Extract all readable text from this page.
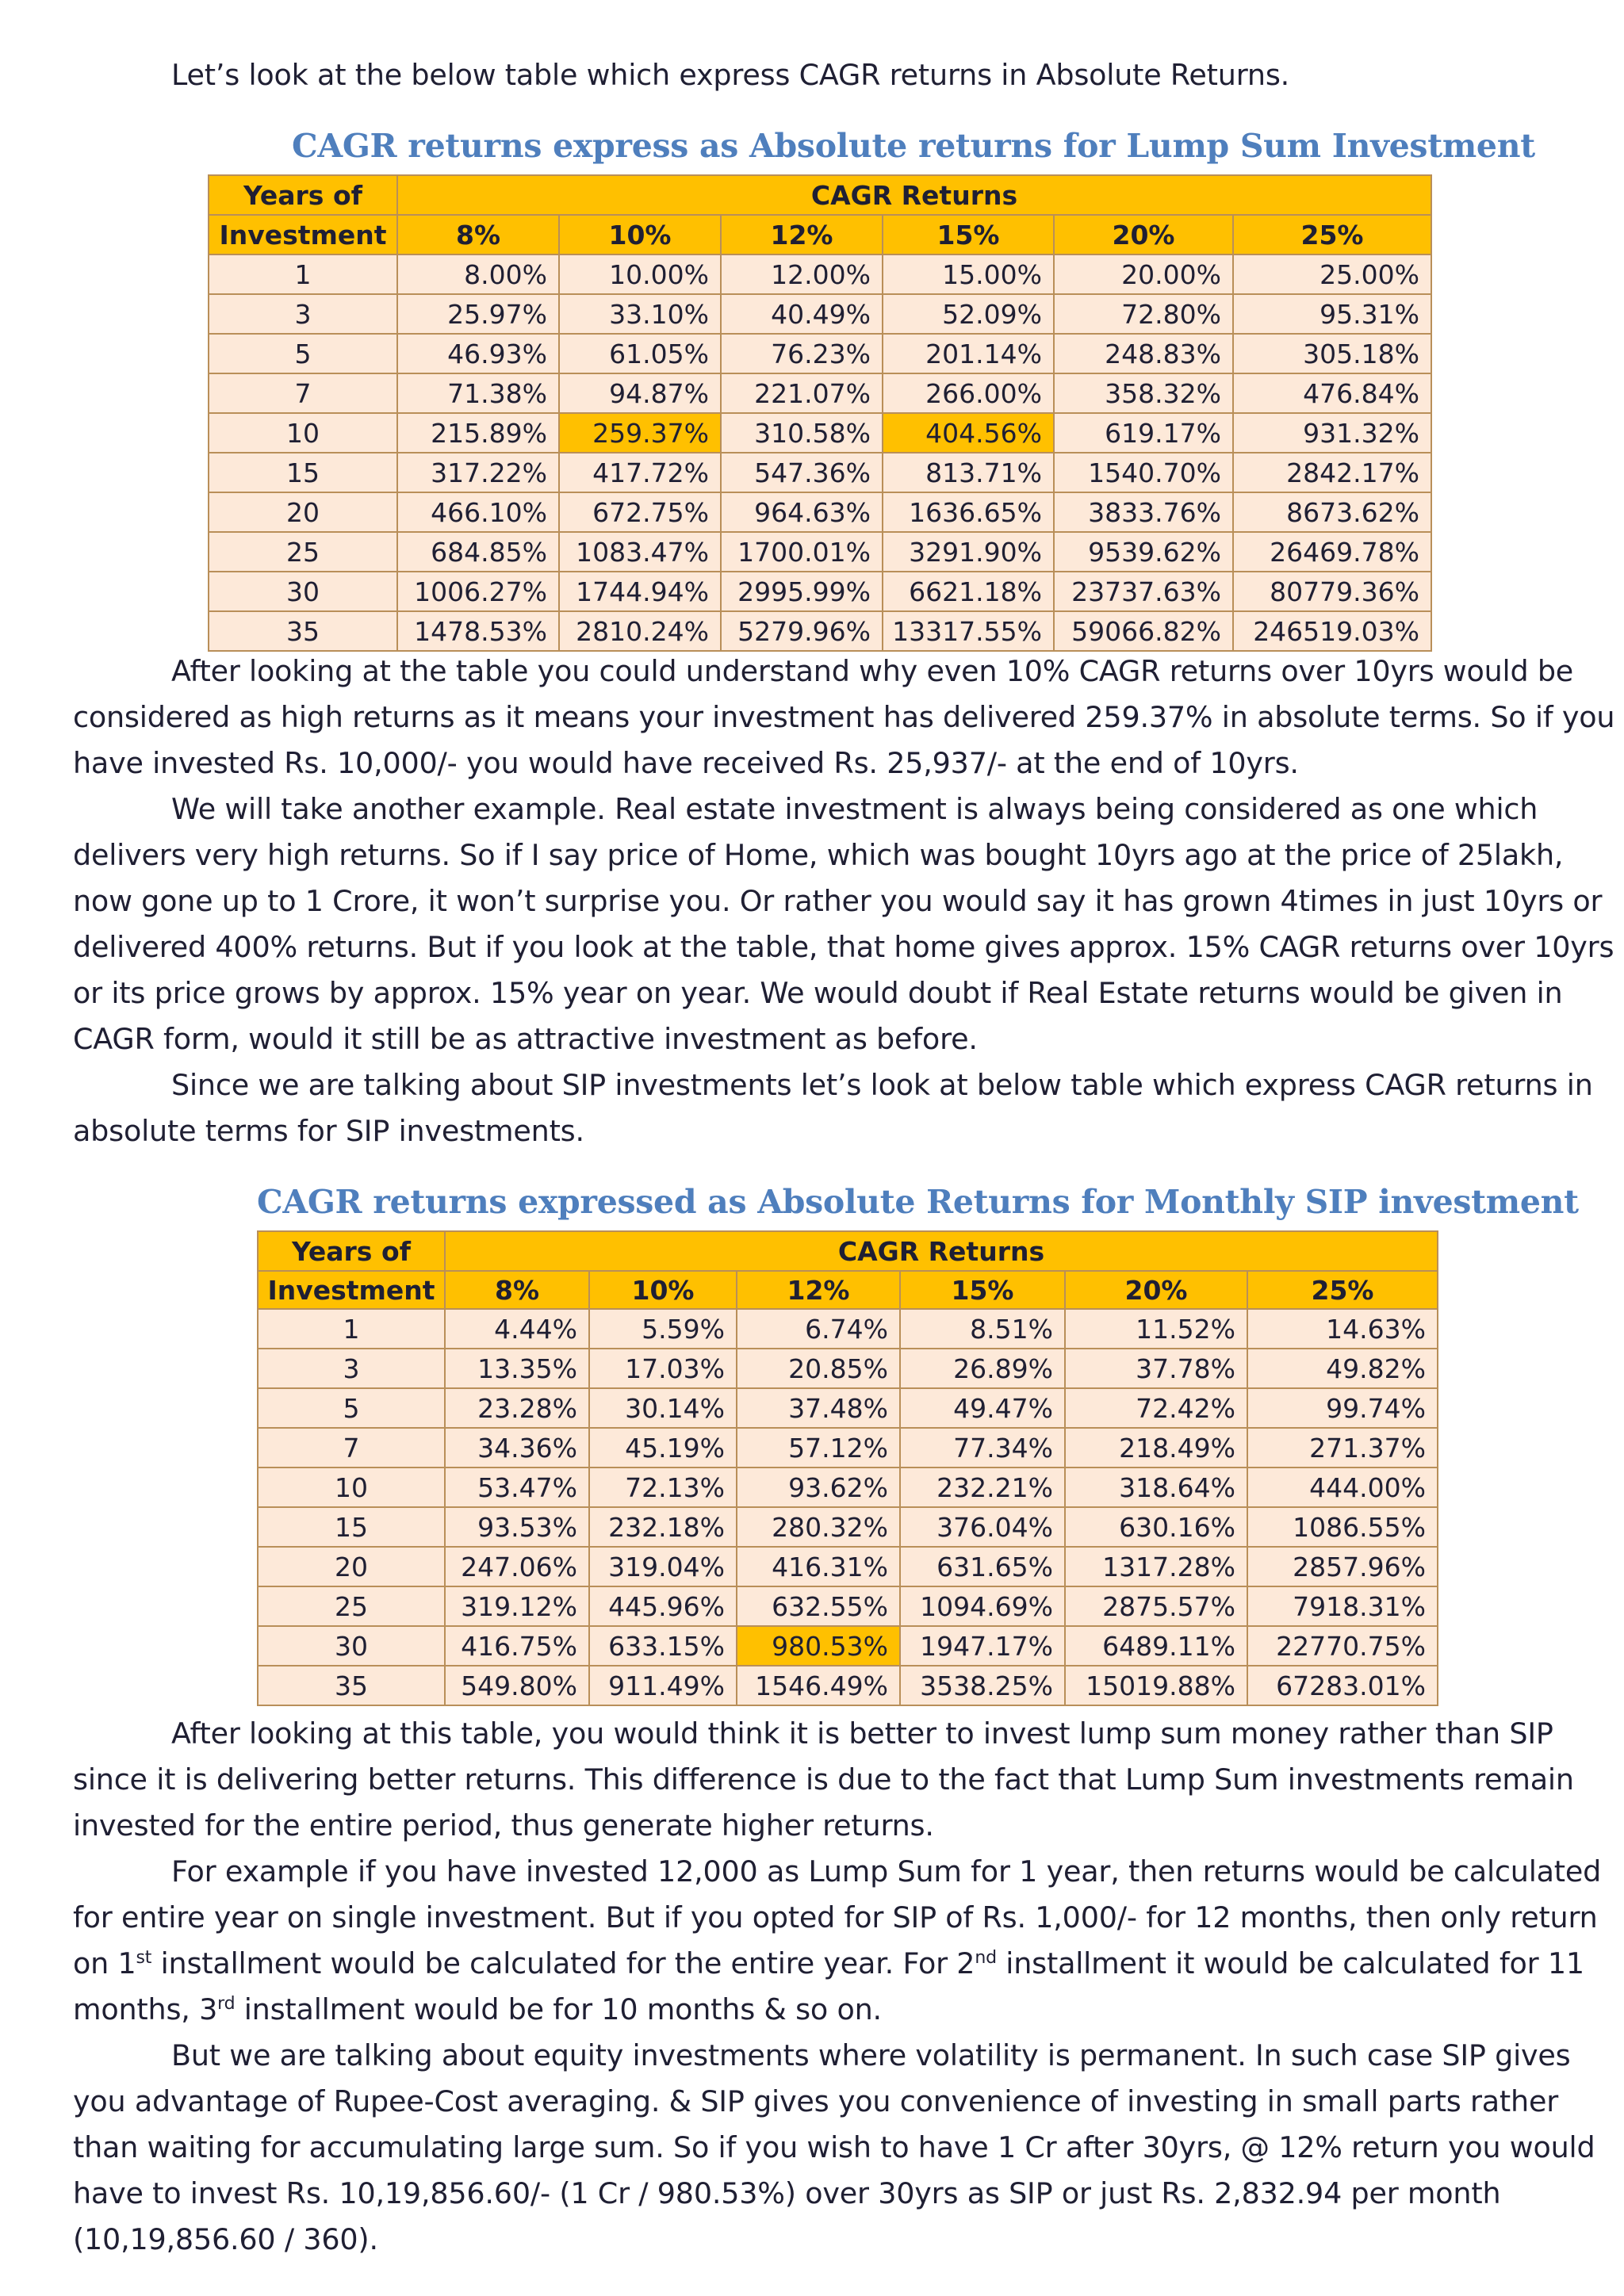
Let’s look at the below table which express CAGR returns in Absolute Returns.

CAGR returns express as Absolute returns for Lump Sum Investment
Years of	CAGR Returns					
Investment	8%	10%	12%	15%	20%	25%
1	8.00%	10.00%	12.00%	15.00%	20.00%	25.00%
3	25.97%	33.10%	40.49%	52.09%	72.80%	95.31%
5	46.93%	61.05%	76.23%	201.14%	248.83%	305.18%
7	71.38%	94.87%	221.07%	266.00%	358.32%	476.84%
10	215.89%	259.37%	310.58%	404.56%	619.17%	931.32%
15	317.22%	417.72%	547.36%	813.71%	1540.70%	2842.17%
20	466.10%	672.75%	964.63%	1636.65%	3833.76%	8673.62%
25	684.85%	1083.47%	1700.01%	3291.90%	9539.62%	26469.78%
30	1006.27%	1744.94%	2995.99%	6621.18%	23737.63%	80779.36%
35	1478.53%	2810.24%	5279.96%	13317.55%	59066.82%	246519.03%

After looking at the table you could understand why even 10% CAGR returns over 10yrs would be considered as high returns as it means your investment has delivered 259.37% in absolute terms. So if you have invested Rs. 10,000/- you would have received Rs. 25,937/- at the end of 10yrs.

We will take another example. Real estate investment is always being considered as one which delivers very high returns. So if I say price of Home, which was bought 10yrs ago at the price of 25lakh, now gone up to 1 Crore, it won’t surprise you. Or rather you would say it has grown 4times in just 10yrs or delivered 400% returns. But if you look at the table, that home gives approx. 15% CAGR returns over 10yrs or its price grows by approx. 15% year on year. We would doubt if Real Estate returns would be given in CAGR form, would it still be as attractive investment as before.

Since we are talking about SIP investments let’s look at below table which express CAGR returns in absolute terms for SIP investments.

CAGR returns expressed as Absolute Returns for Monthly SIP investment
Years of	CAGR Returns					
Investment	8%	10%	12%	15%	20%	25%
1	4.44%	5.59%	6.74%	8.51%	11.52%	14.63%
3	13.35%	17.03%	20.85%	26.89%	37.78%	49.82%
5	23.28%	30.14%	37.48%	49.47%	72.42%	99.74%
7	34.36%	45.19%	57.12%	77.34%	218.49%	271.37%
10	53.47%	72.13%	93.62%	232.21%	318.64%	444.00%
15	93.53%	232.18%	280.32%	376.04%	630.16%	1086.55%
20	247.06%	319.04%	416.31%	631.65%	1317.28%	2857.96%
25	319.12%	445.96%	632.55%	1094.69%	2875.57%	7918.31%
30	416.75%	633.15%	980.53%	1947.17%	6489.11%	22770.75%
35	549.80%	911.49%	1546.49%	3538.25%	15019.88%	67283.01%

After looking at this table, you would think it is better to invest lump sum money rather than SIP since it is delivering better returns. This difference is due to the fact that Lump Sum investments remain invested for the entire period, thus generate higher returns.

For example if you have invested 12,000 as Lump Sum for 1 year, then returns would be calculated for entire year on single investment. But if you opted for SIP of Rs. 1,000/- for 12 months, then only return on 1st installment would be calculated for the entire year. For 2nd installment it would be calculated for 11 months, 3rd installment would be for 10 months & so on.

But we are talking about equity investments where volatility is permanent. In such case SIP gives you advantage of Rupee-Cost averaging. & SIP gives you convenience of investing in small parts rather than waiting for accumulating large sum. So if you wish to have 1 Cr after 30yrs, @ 12% return you would have to invest Rs. 10,19,856.60/- (1 Cr / 980.53%) over 30yrs as SIP or just Rs. 2,832.94 per month (10,19,856.60 / 360).
